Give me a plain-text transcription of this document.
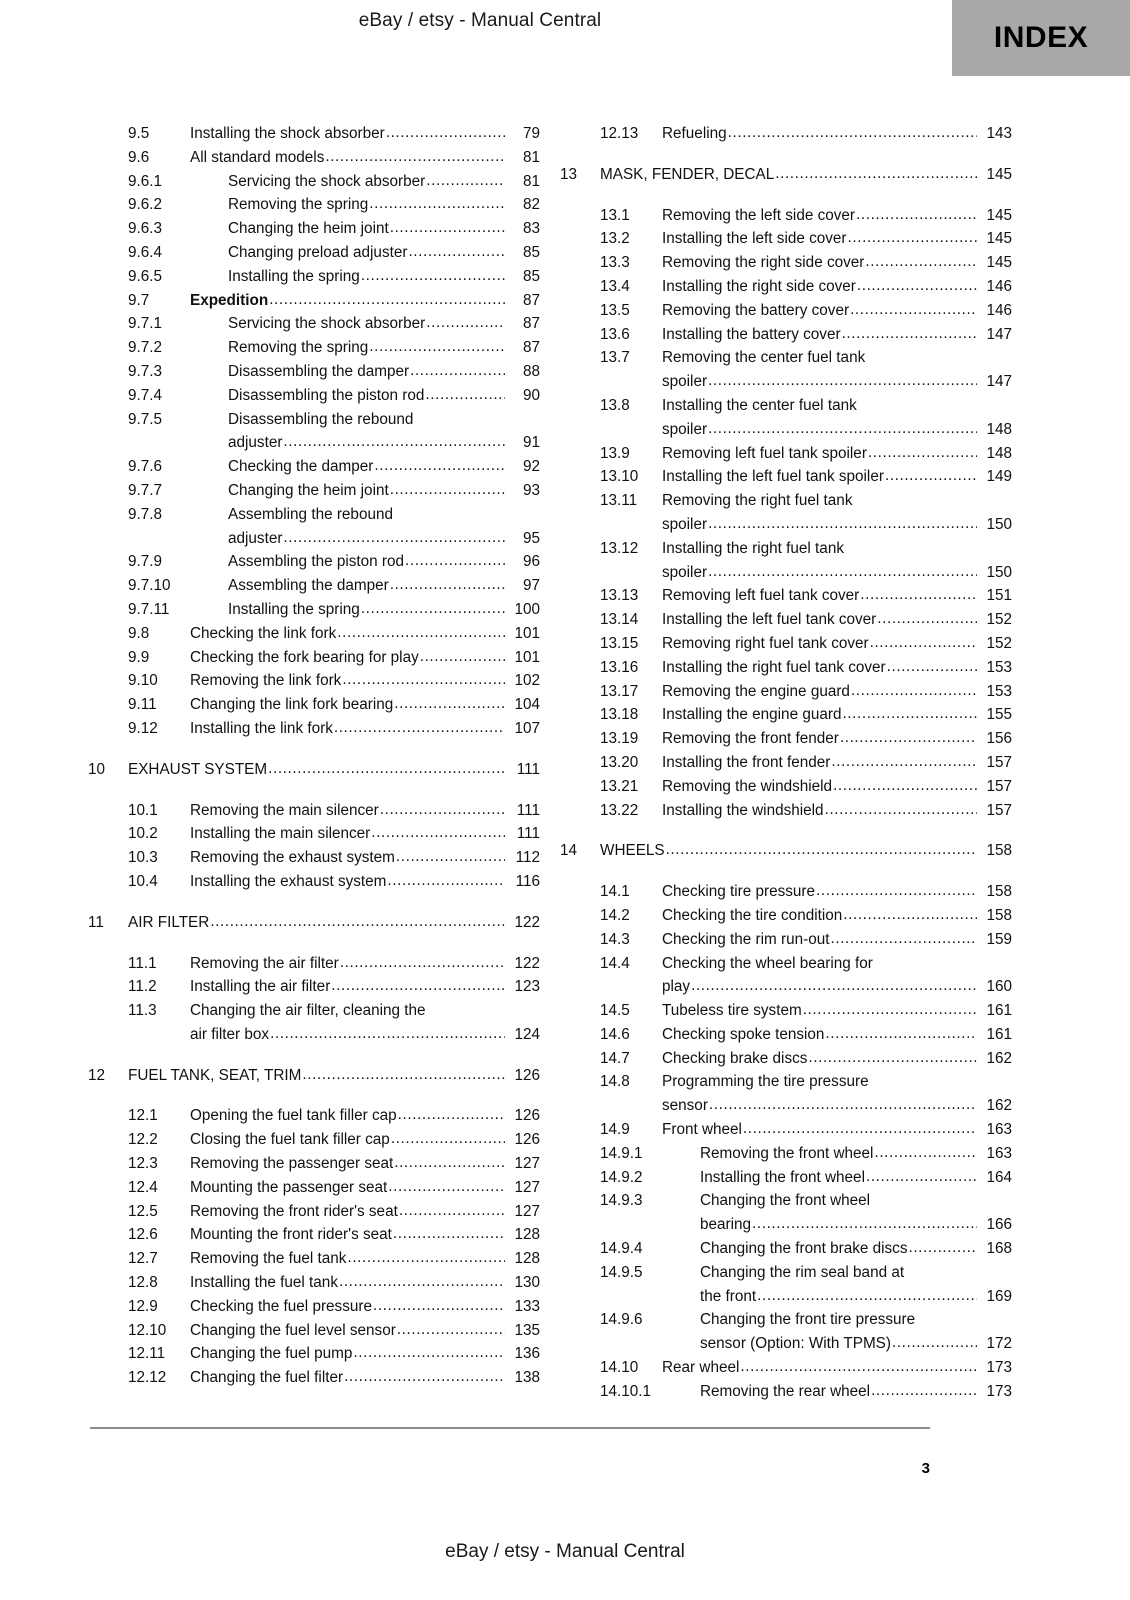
eBay / etsy - Manual Central
INDEX
9.5	Installing the shock absorber .....	79
9.6	All standard models .....	81
9.6.1	Servicing the shock absorber .....	81
9.6.2	Removing the spring .....	82
9.6.3	Changing the heim joint .....	83
9.6.4	Changing preload adjuster .....	85
9.6.5	Installing the spring .....	85
9.7	Expedition .....	87
9.7.1	Servicing the shock absorber .....	87
9.7.2	Removing the spring .....	87
9.7.3	Disassembling the damper .....	88
9.7.4	Disassembling the piston rod .....	90
9.7.5	Disassembling the rebound
adjuster .....	91
9.7.6	Checking the damper .....	92
9.7.7	Changing the heim joint .....	93
9.7.8	Assembling the rebound
adjuster .....	95
9.7.9	Assembling the piston rod .....	96
9.7.10	Assembling the damper .....	97
9.7.11	Installing the spring .....	100
9.8	Checking the link fork .....	101
9.9	Checking the fork bearing for play .....	101
9.10	Removing the link fork .....	102
9.11	Changing the link fork bearing .....	104
9.12	Installing the link fork .....	107
10	EXHAUST SYSTEM .....	111
10.1	Removing the main silencer .....	111
10.2	Installing the main silencer .....	111
10.3	Removing the exhaust system .....	112
10.4	Installing the exhaust system .....	116
11	AIR FILTER .....	122
11.1	Removing the air filter .....	122
11.2	Installing the air filter .....	123
11.3	Changing the air filter, cleaning the
air filter box .....	124
12	FUEL TANK, SEAT, TRIM .....	126
12.1	Opening the fuel tank filler cap .....	126
12.2	Closing the fuel tank filler cap .....	126
12.3	Removing the passenger seat .....	127
12.4	Mounting the passenger seat .....	127
12.5	Removing the front rider's seat .....	127
12.6	Mounting the front rider's seat .....	128
12.7	Removing the fuel tank .....	128
12.8	Installing the fuel tank .....	130
12.9	Checking the fuel pressure .....	133
12.10	Changing the fuel level sensor .....	135
12.11	Changing the fuel pump .....	136
12.12	Changing the fuel filter .....	138
12.13	Refueling .....	143
13	MASK, FENDER, DECAL .....	145
13.1	Removing the left side cover .....	145
13.2	Installing the left side cover .....	145
13.3	Removing the right side cover .....	145
13.4	Installing the right side cover .....	146
13.5	Removing the battery cover .....	146
13.6	Installing the battery cover .....	147
13.7	Removing the center fuel tank
spoiler .....	147
13.8	Installing the center fuel tank
spoiler .....	148
13.9	Removing left fuel tank spoiler .....	148
13.10	Installing the left fuel tank spoiler .....	149
13.11	Removing the right fuel tank
spoiler .....	150
13.12	Installing the right fuel tank
spoiler .....	150
13.13	Removing left fuel tank cover .....	151
13.14	Installing the left fuel tank cover .....	152
13.15	Removing right fuel tank cover .....	152
13.16	Installing the right fuel tank cover .....	153
13.17	Removing the engine guard .....	153
13.18	Installing the engine guard .....	155
13.19	Removing the front fender .....	156
13.20	Installing the front fender .....	157
13.21	Removing the windshield .....	157
13.22	Installing the windshield .....	157
14	WHEELS .....	158
14.1	Checking tire pressure .....	158
14.2	Checking the tire condition .....	158
14.3	Checking the rim run-out .....	159
14.4	Checking the wheel bearing for
play .....	160
14.5	Tubeless tire system .....	161
14.6	Checking spoke tension .....	161
14.7	Checking brake discs .....	162
14.8	Programming the tire pressure
sensor .....	162
14.9	Front wheel .....	163
14.9.1	Removing the front wheel .....	163
14.9.2	Installing the front wheel .....	164
14.9.3	Changing the front wheel
bearing .....	166
14.9.4	Changing the front brake discs .....	168
14.9.5	Changing the rim seal band at
the front .....	169
14.9.6	Changing the front tire pressure
sensor (Option: With TPMS) .....	172
14.10	Rear wheel .....	173
14.10.1	Removing the rear wheel .....	173
3
eBay / etsy - Manual Central
